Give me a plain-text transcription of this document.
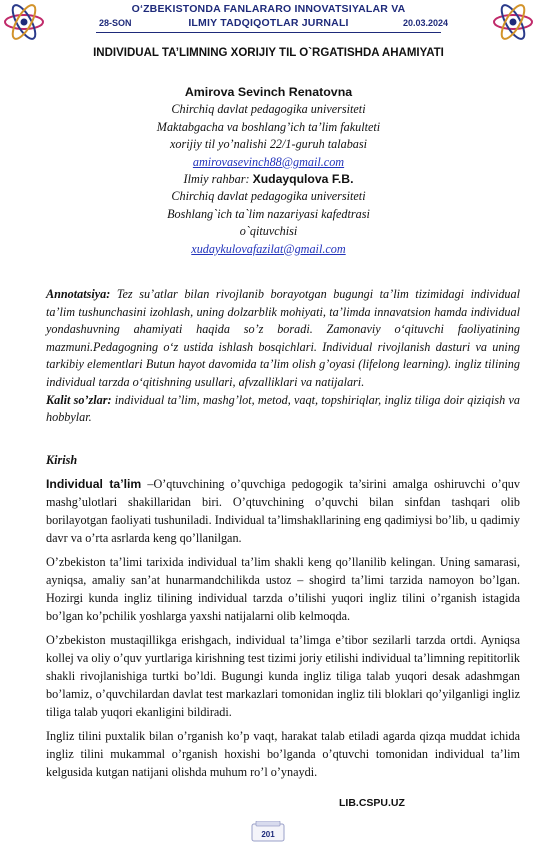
O‘ZBEKISTONDA FANLARARO INNOVATSIYALAR VA
ILMIY TADQIQOTLAR JURNALI
28-SON	20.03.2024
INDIVIDUAL TA’LIMNING XORIJIY TIL O`RGATISHDA AHAMIYATI
Amirova Sevinch Renatovna
Chirchiq davlat pedagogika universiteti
Maktabgacha va boshlang’ich ta’lim fakulteti
xorijiy til yo’nalishi 22/1-guruh talabasi
amirovasevinch88@gmail.com
Ilmiy rahbar: Xudayqulova F.B.
Chirchiq davlat pedagogika universiteti
Boshlang`ich ta`lim nazariyasi kafedtrasi
o`qituvchisi
xudaykulovafazilat@gmail.com

Annotatsiya: Tez su’atlar bilan rivojlanib borayotgan bugungi ta’lim tizimidagi individual ta’lim tushunchasini izohlash, uning dolzarblik mohiyati, ta’limda innavatsion hamda individual yondashuvning ahamiyati haqida so’z boradi. Zamonaviy o‘qituvchi faoliyatining mazmuni.Pedagogning o‘z ustida ishlash bosqichlari. Individual rivojlanish dasturi va uning tarkibiy elementlari Butun hayot davomida ta’lim olish g’oyasi (lifelong learning). ingliz tilining individual tarzda o‘qitishning usullari, afvzalliklari va natijalari.

Kalit so’zlar: individual ta’lim, mashg’lot, metod, vaqt, topshiriqlar, ingliz tiliga doir qiziqish va hobbylar.

Kirish

Individual ta’lim –O’qtuvchining o’quvchiga pedogogik ta’sirini amalga oshiruvchi o’quv mashg’ulotlari shakillaridan biri. O’qtuvchining o’quvchi bilan sinfdan tashqari olib borilayotgan faoliyati tushuniladi. Individual ta’limshakllarining eng qadimiysi bo’lib, u qadimiy davr va o’rta asrlarda keng qo’llanilgan.

O’zbekiston ta’limi tarixida individual ta’lim shakli keng qo’llanilib kelingan. Uning samarasi, ayniqsa, amaliy san’at hunarmandchilikda ustoz – shogird ta’limi tarzida namoyon bo’lgan. Hozirgi kunda ingliz tilining individual tarzda o’tilishi yuqori ingliz tilini o’rganish istagida bo’lgan ko’pchilik yoshlarga yaxshi natijalarni olib kelmoqda.

O’zbekiston mustaqillikga erishgach, individual ta’limga e’tibor sezilarli tarzda ortdi. Ayniqsa kollej va oliy o’quv yurtlariga kirishning test tizimi joriy etilishi individual ta’limning repititorlik shakli rivojlanishiga turtki bo’ldi. Bugungi kunda ingliz tiliga talab yuqori desak adashmgan bo’lamiz, o’quvchilardan davlat test markazlari tomonidan ingliz tili bloklari qo’yilganligi ingliz tiliga talab yuqori ekanligini bildiradi.

Ingliz tilini puxtalik bilan o’rganish ko’p vaqt, harakat talab etiladi agarda qizqa muddat ichida ingliz tilini mukammal o’rganish hoxishi bo’lganda o’qtuvchi tomonidan individual ta’lim kelgusida kutgan natijani olishda muhum ro’l o’ynaydi.

LIB.CSPU.UZ
201
